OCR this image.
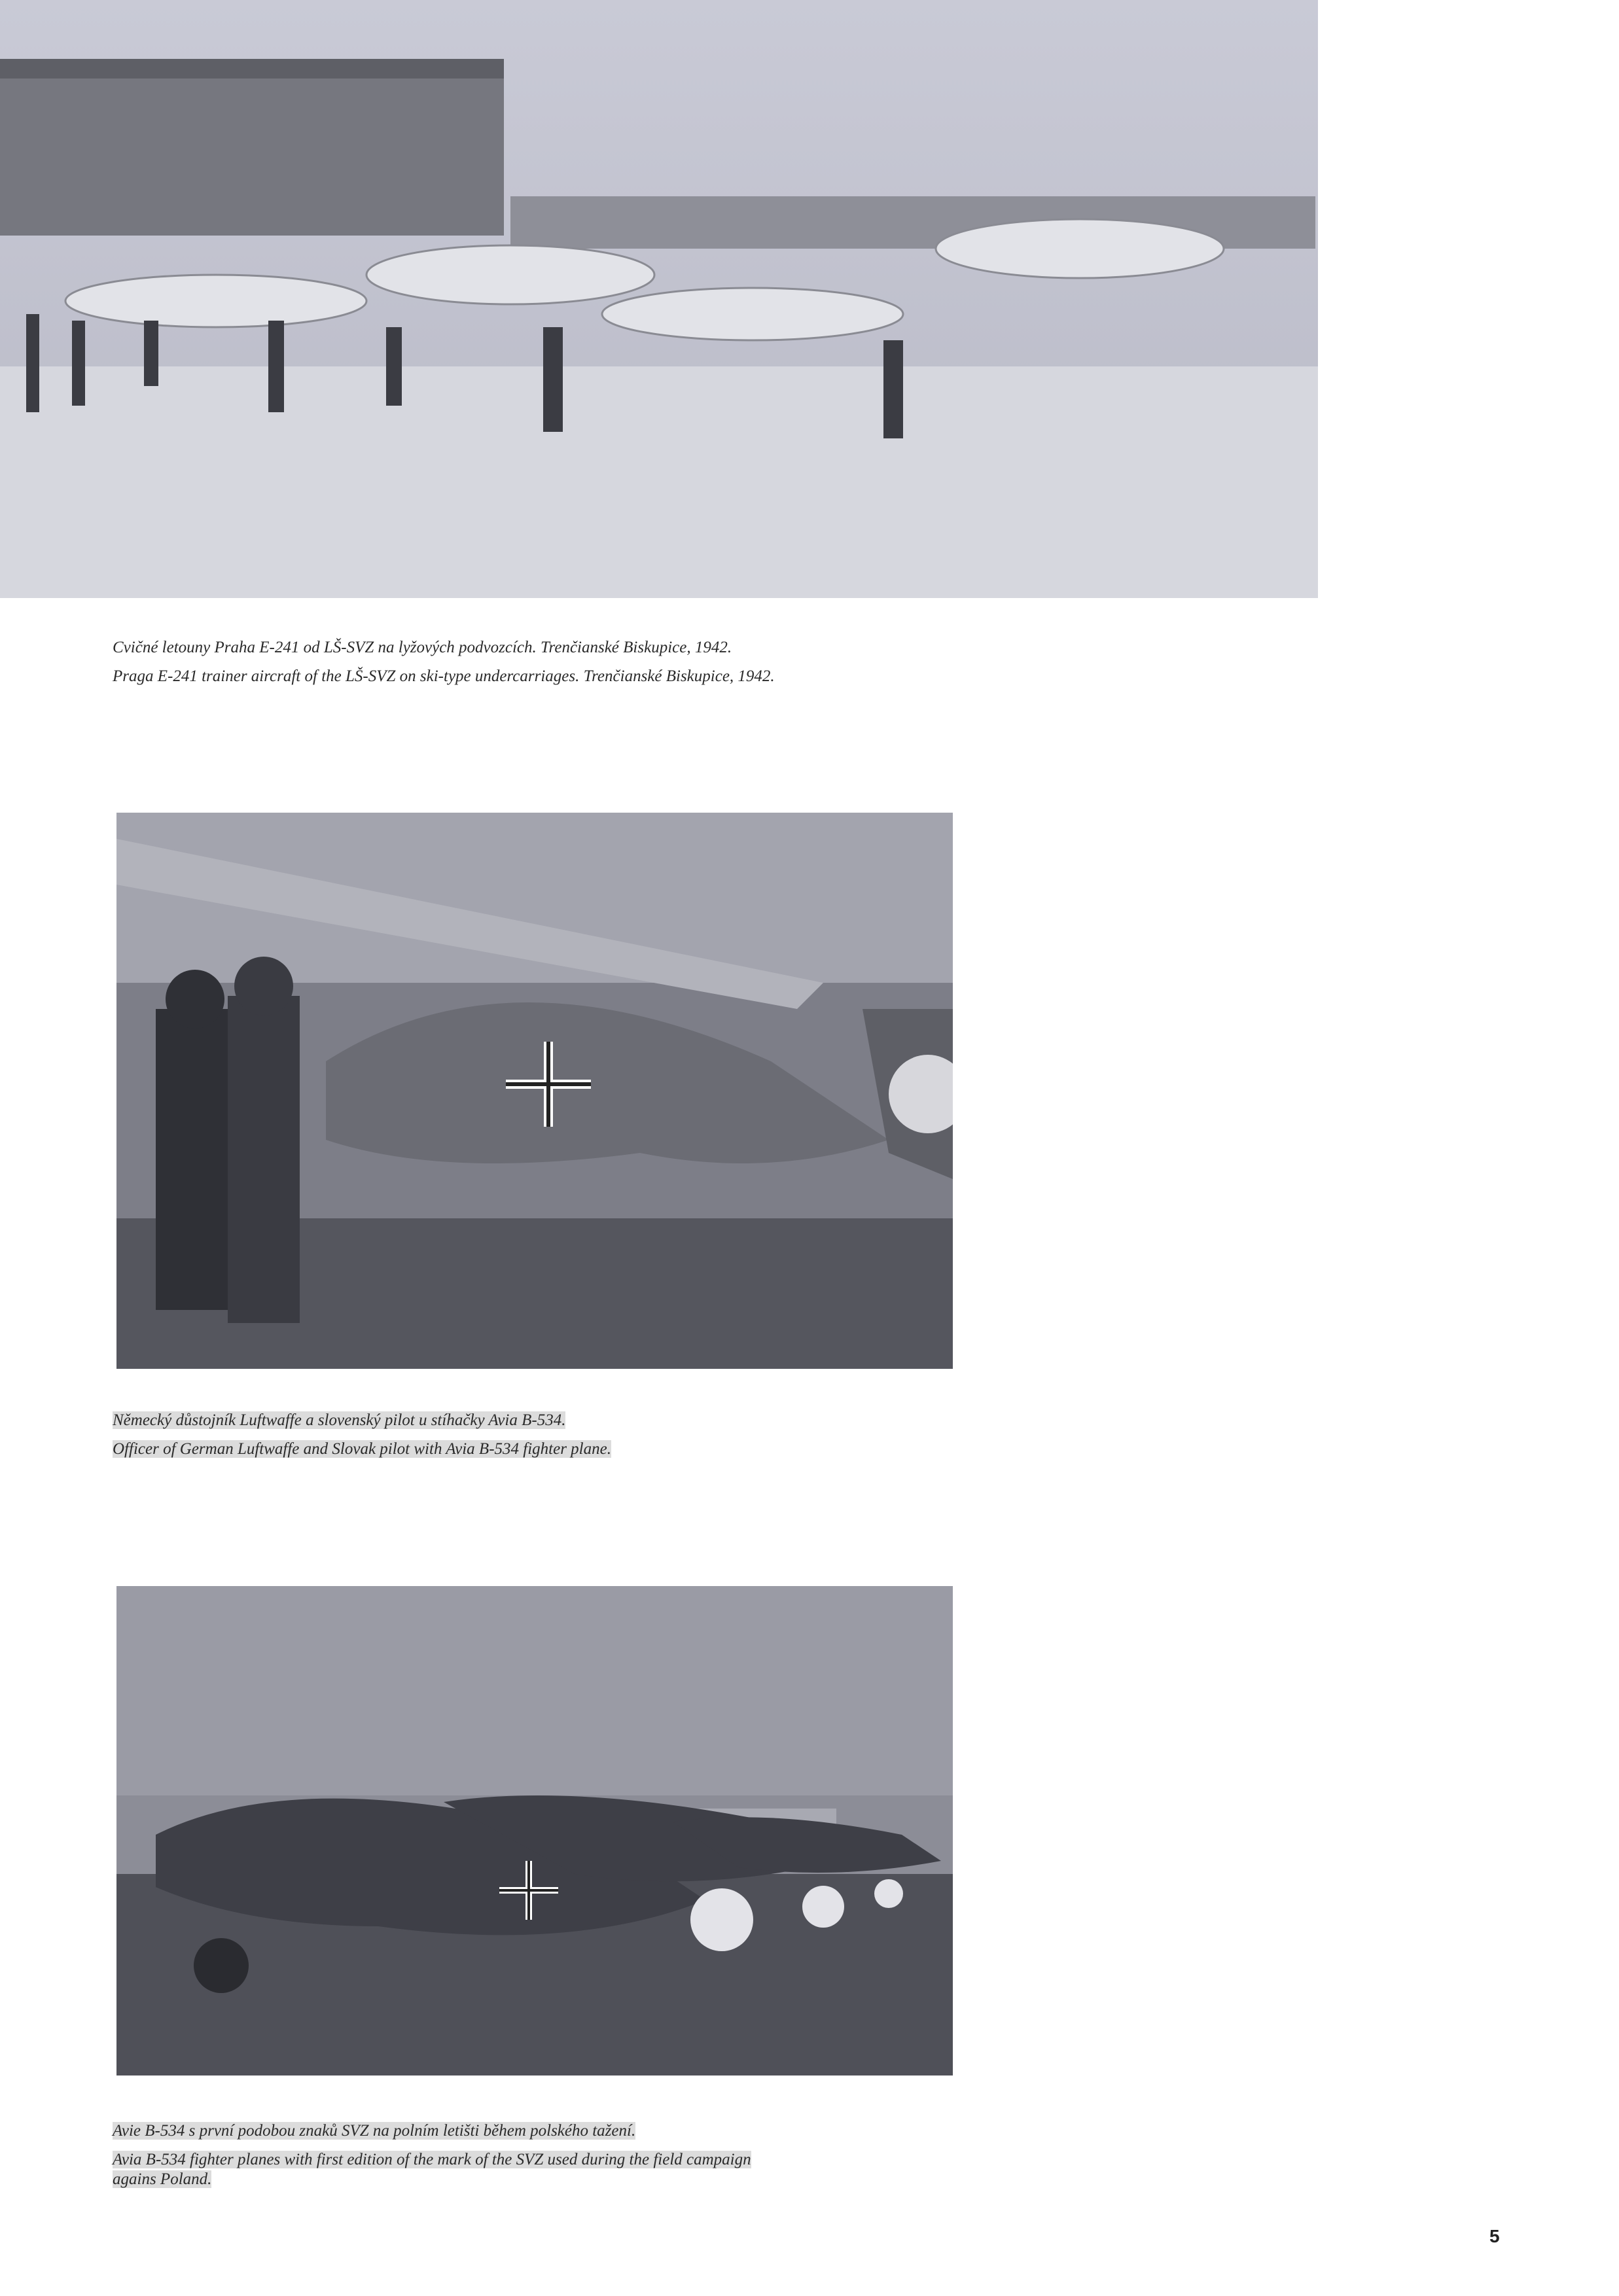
Cvičné letouny Praha E-241 od LŠ-SVZ na lyžových podvozcích. Trenčianské Biskupice, 1942.

Praga E-241 trainer aircraft of the LŠ-SVZ on ski-type undercarriages. Trenčianské Biskupice, 1942.

Německý důstojník Luftwaffe a slovenský pilot u stíhačky Avia B-534.

Officer of German Luftwaffe and Slovak pilot with Avia B-534 fighter plane.

Avie B-534 s první podobou znaků SVZ na polním letišti během polského tažení.

Avia B-534 fighter planes with first edition of the mark of the SVZ used during the field campaign agains Poland.

5
